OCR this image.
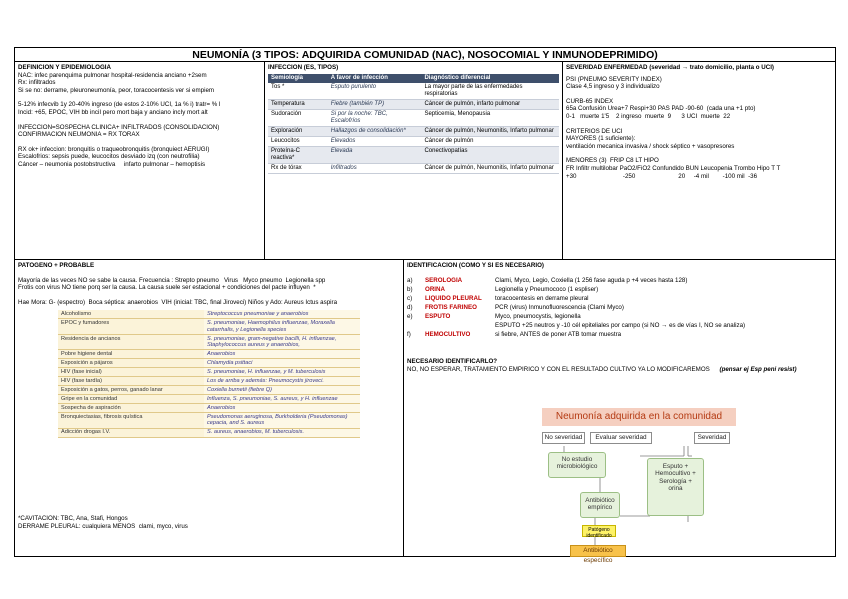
NEUMONÍA (3 TIPOS: ADQUIRIDA COMUNIDAD (NAC), NOSOCOMIAL Y INMUNODEPRIMIDO)
DEFINICION Y EPIDEMIOLOGIA
NAC: infec parenquima pulmonar hospital-residencia anciano +2sem
Rx: infiltrados
Si se no: derrame, pleuroneumonía, peor, toracocentesis ver si empiem
5-12% infecvib 1y 20-40% ingreso (de estos 2-10% UCI, 1a % i) tratr= % l
Incid: +65, EPOC, VIH bb inciI pero mort baja y anciano incIy mort alt
INFECCION=SOSPECHA CLINICA+ INFILTRADOS (CONSOLIDACION)
CONFIRMACION NEUMONIA = RX TORAX
RX ok+ infeccion: bronquitis o traqueobronquitis (bronquiect AERUGI)
Escalofrios: sepsis puede, leucocitos desviado izq (con neutrofilia)
Cáncer – neumonia postobstructiva     infarto pulmonar – hemoptisis
INFECCION (ES, TIPOS)
Semiología	A favor de infección	Diagnóstico diferencial
Tos *	Esputo purulento	La mayor parte de las enfermedades respiratorias
Temperatura	Fiebre (también TP)	Cáncer de pulmón, infarto pulmonar
Sudoración	Si por la noche: TBC, Escalofríos	Septicemia, Menopausia
Exploración	Hallazgos de consolidación*	Cáncer de pulmón, Neumonitis, Infarto pulmonar
Leucocitos	Elevados	Cáncer de pulmón
Proteína-C reactiva*	Elevada	Conectivopatías
Rx de tórax	Infiltrados	Cáncer de pulmón, Neumonitis, Infarto pulmonar
SEVERIDAD ENFERMEDAD (severidad → trato domicilio, planta o UCI)
PSI (PNEUMO SEVERITY INDEX)
Clase 4,5 ingreso y 3 individualizo
CURB-65 INDEX
65a Confusión Urea+7 Respi+30 PAS PAD -90-60  (cada una +1 pto)
0-1   muerte 1'5    2 ingreso  muerte  9      3 UCI  muerte  22
CRITERIOS DE UCI
MAYORES (1 suficiente):
ventilación mecanica invasiva / shock séptico + vasopresores
MENORES (3)  FRIP C8 LT HIPO
FR Infiltr multilobar PaO2/FiO2 Confundido BUN Leucopenia Trombo Hipo T T
+30                           -250                         20     -4 mil        -100 mil  -36
PATOGENO + PROBABLE
Mayoría de las veces NO se sabe la causa. Frecuencia : Strepto pneumo   Virus   Myco pneumo  Legionella spp
Frotis con virus NO tiene porq ser la causa. La causa suele ser estacional + condiciones del pacte influyen  *
Hae Mora: G- (espectro)  Boca séptica: anaerobios  VIH (inicial: TBC, final Jiroveci) Niños y Ado: Aureus Ictus aspira
Alcoholismo	Streptococcus pneumoniae y anaerobios
EPOC y fumadores	S. pneumoniae, Haemophilus influenzae, Moraxella catarrhalis, y Legionella species
Residencia de ancianos	S. pneumoniae, gram-negative bacilli, H. influenzae, Staphylococcus aureus y anaerobios,
Pobre higiene dental	Anaerobios
Exposición a pájaros	Chlamydia psittaci
HIV (fase inicial)	S. pneumoniae, H. influenzae, y M. tuberculosis
HIV (fase tardía)	Los de arriba y además: Pneumocystis jiroveci.
Exposición a gatos, perros, ganado lanar	Coxiella burnetii (fiebre Q)
Gripe en la comunidad	Influenza, S. pneumoniae, S. aureus, y H. influenzae
Sospecha de aspiración	Anaerobios
Bronquiectasias, fibrosis quística	Pseudomonas aeruginosa, Burkholderia (Pseudomonas) cepacia, and S. aureus
Adicción drogas I.V.	S. aureus, anaerobios, M. tuberculosis.
*CAVITACION: TBC, Ana, Stafi, Hongos
DERRAME PLEURAL: cualquiera MENOS  clami, myco, virus
IDENTIFICACION (COMO Y SI ES NECESARIO)
a)	SEROLOGIA	Clami, Myco, Legio, Coxiella (1 256 fase aguda p +4 veces hasta 128)
b)	ORINA	Legionella y Pneumococo (1 espliser)
c)	LIQUIDO PLEURAL	toracocentesis en derrame pleural
d)	FROTIS FARINEO	PCR (virus) Inmunofluorescencia (Clami Myco)
e)	ESPUTO	Myco, pneumocystis, legionella
ESPUTO +25 neutros y -10 cél epiteliales por campo (si NO → es de vías I, NO se analiza)
f)	HEMOCULTIVO	si fiebre, ANTES de poner ATB tomar muestra
NECESARIO IDENTIFICARLO?
NO, NO ESPERAR, TRATAMIENTO EMPIRICO Y CON EL RESULTADO CULTIVO YA LO MODIFICAREMOS (pensar ej Esp peni resist)
Neumonía adquirida en la comunidad
No severidad	Evaluar severidad	Severidad
No estudio microbiológico	Esputo + Hemocultivo + Serología + orina
Antibiótico empírico
Patógeno identificado
Antibiótico específico
